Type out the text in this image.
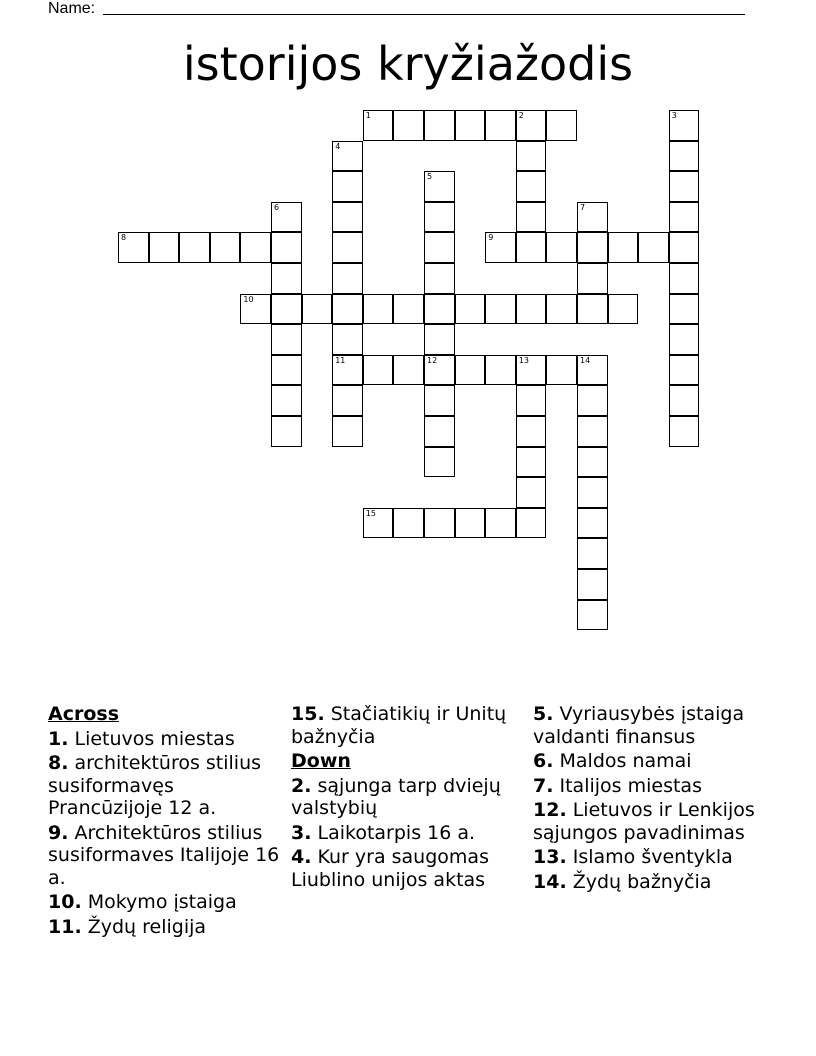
Name:
istorijos kryžiažodis
1	2	3
4
11
5
12
6	7
8	9
10
13	14
15
Across
1. Lietuvos miestas
8. architektūros stilius susiformavęs Prancūzijoje 12 a.
9. Architektūros stilius susiformaves Italijoje 16 a.
10. Mokymo įstaiga
11. Žydų religija
15. Stačiatikių ir Unitų bažnyčia
Down
2. sąjunga tarp dviejų valstybių
3. Laikotarpis 16 a.
4. Kur yra saugomas Liublino unijos aktas
5. Vyriausybės įstaiga valdanti finansus
6. Maldos namai
7. Italijos miestas
12. Lietuvos ir Lenkijos sąjungos pavadinimas
13. Islamo šventykla
14. Žydų bažnyčia
